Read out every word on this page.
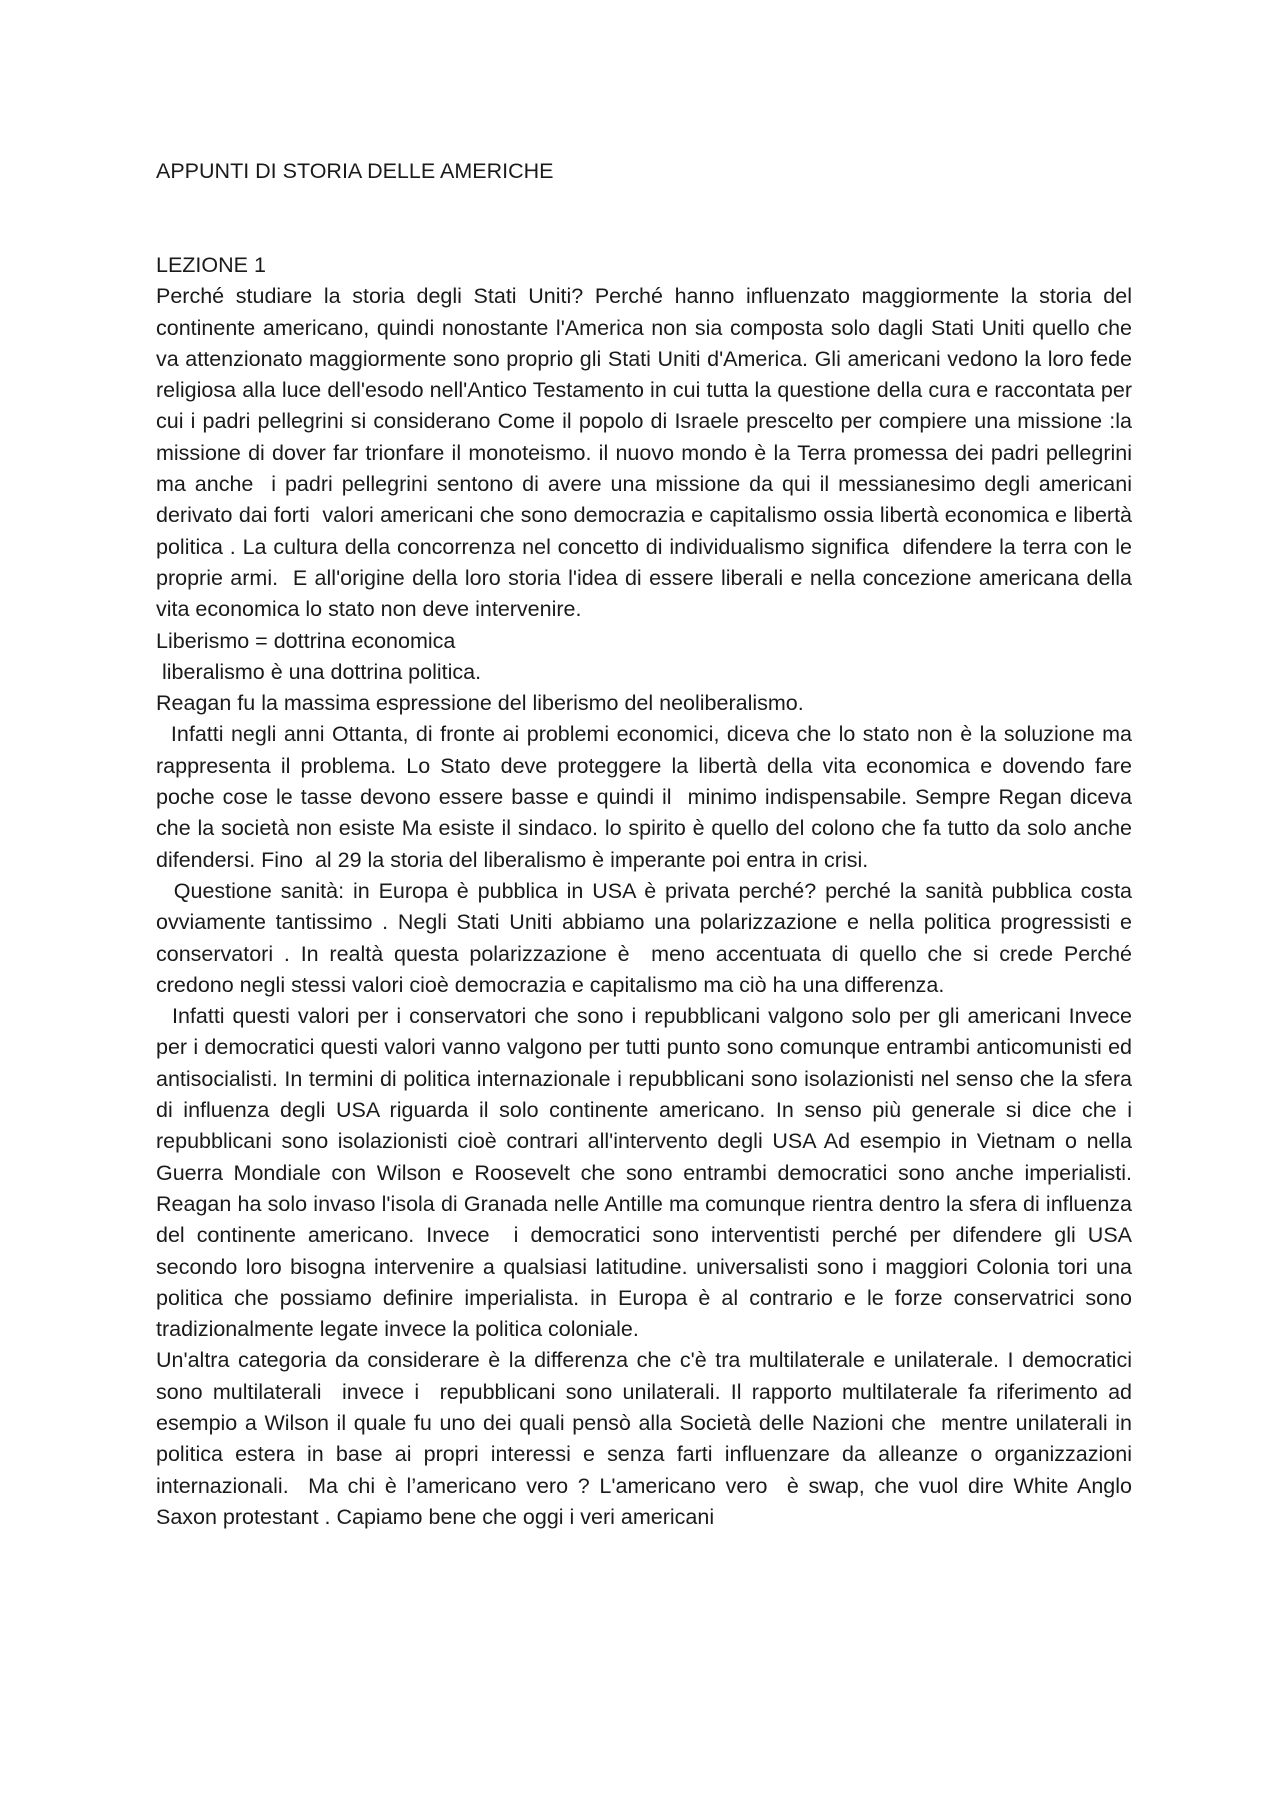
APPUNTI DI STORIA DELLE AMERICHE
LEZIONE 1

Perché studiare la storia degli Stati Uniti? Perché hanno influenzato maggiormente la storia del continente americano, quindi nonostante l'America non sia composta solo dagli Stati Uniti quello che va attenzionato maggiormente sono proprio gli Stati Uniti d'America. Gli americani vedono la loro fede religiosa alla luce dell'esodo nell'Antico Testamento in cui tutta la questione della cura e raccontata per cui i padri pellegrini si considerano Come il popolo di Israele prescelto per compiere una missione :la missione di dover far trionfare il monoteismo. il nuovo mondo è la Terra promessa dei padri pellegrini ma anche  i padri pellegrini sentono di avere una missione da qui il messianesimo degli americani derivato dai forti  valori americani che sono democrazia e capitalismo ossia libertà economica e libertà politica . La cultura della concorrenza nel concetto di individualismo significa  difendere la terra con le proprie armi.  E all'origine della loro storia l'idea di essere liberali e nella concezione americana della vita economica lo stato non deve intervenire.

Liberismo = dottrina economica

liberalismo è una dottrina politica.

Reagan fu la massima espressione del liberismo del neoliberalismo.

Infatti negli anni Ottanta, di fronte ai problemi economici, diceva che lo stato non è la soluzione ma rappresenta il problema. Lo Stato deve proteggere la libertà della vita economica e dovendo fare poche cose le tasse devono essere basse e quindi il  minimo indispensabile. Sempre Regan diceva che la società non esiste Ma esiste il sindaco. lo spirito è quello del colono che fa tutto da solo anche difendersi. Fino  al 29 la storia del liberalismo è imperante poi entra in crisi.

Questione sanità: in Europa è pubblica in USA è privata perché? perché la sanità pubblica costa ovviamente tantissimo . Negli Stati Uniti abbiamo una polarizzazione e nella politica progressisti e conservatori . In realtà questa polarizzazione è  meno accentuata di quello che si crede Perché credono negli stessi valori cioè democrazia e capitalismo ma ciò ha una differenza.

Infatti questi valori per i conservatori che sono i repubblicani valgono solo per gli americani Invece per i democratici questi valori vanno valgono per tutti punto sono comunque entrambi anticomunisti ed antisocialisti. In termini di politica internazionale i repubblicani sono isolazionisti nel senso che la sfera di influenza degli USA riguarda il solo continente americano. In senso più generale si dice che i repubblicani sono isolazionisti cioè contrari all'intervento degli USA Ad esempio in Vietnam o nella Guerra Mondiale con Wilson e Roosevelt che sono entrambi democratici sono anche imperialisti. Reagan ha solo invaso l'isola di Granada nelle Antille ma comunque rientra dentro la sfera di influenza del continente americano. Invece  i democratici sono interventisti perché per difendere gli USA secondo loro bisogna intervenire a qualsiasi latitudine. universalisti sono i maggiori Colonia tori una politica che possiamo definire imperialista. in Europa è al contrario e le forze conservatrici sono tradizionalmente legate invece la politica coloniale.

Un'altra categoria da considerare è la differenza che c'è tra multilaterale e unilaterale. I democratici sono multilaterali  invece i  repubblicani sono unilaterali. Il rapporto multilaterale fa riferimento ad esempio a Wilson il quale fu uno dei quali pensò alla Società delle Nazioni che  mentre unilaterali in politica estera in base ai propri interessi e senza farti influenzare da alleanze o organizzazioni internazionali.  Ma chi è l’americano vero ? L'americano vero  è swap, che vuol dire White Anglo Saxon protestant . Capiamo bene che oggi i veri americani
